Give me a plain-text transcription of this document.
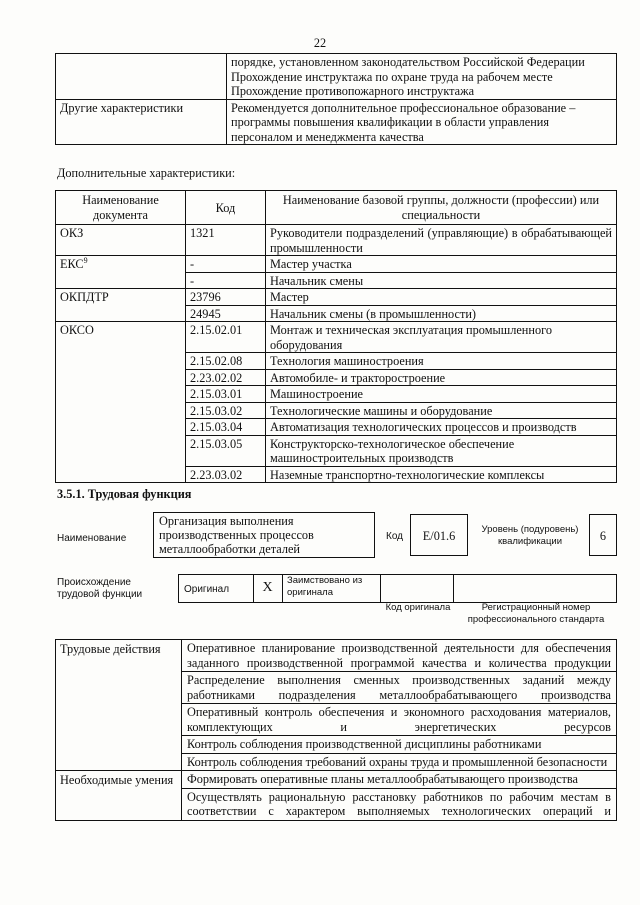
22

	порядке, установленном законодательством Российской Федерации
Прохождение инструктажа по охране труда на рабочем месте
Прохождение противопожарного инструктажа

Другие характеристики	Рекомендуется дополнительное профессиональное образование –
программы повышения квалификации в области управления
персоналом и менеджмента качества
Дополнительные характеристики:
Наименование документа	Код	Наименование базовой группы, должности (профессии) или специальности
ОКЗ	1321	Руководители подразделений (управляющие) в обрабатывающей промышленности
ЕКС$^9$	-	Мастер участка
	-	Начальник смены
ОКПДТР	23796	Мастер
	24945	Начальник смены (в промышленности)
ОКСО	2.15.02.01	Монтаж и техническая эксплуатация промышленного оборудования
	2.15.02.08	Технология машиностроения
	2.23.02.02	Автомобиле- и тракторостроение
	2.15.03.01	Машиностроение
	2.15.03.02	Технологические машины и оборудование
	2.15.03.04	Автоматизация технологических процессов и производств
	2.15.03.05	Конструкторско-технологическое обеспечение машиностроительных производств
	2.23.03.02	Наземные транспортно-технологические комплексы
3.5.1. Трудовая функция
Наименование
Организация выполнения производственных процессов металлообработки деталей
Код	E/01.6	Уровень (подуровень) квалификации	6
Происхождение трудовой функции	Оригинал	X	Заимствовано из оригинала
Код оригинала	Регистрационный номер профессионального стандарта
Трудовые действия	Оперативное планирование производственной деятельности для обеспечения заданного производственной программой качества и количества продукции
	Распределение выполнения сменных производственных заданий между работниками подразделения металлообрабатывающего производства
	Оперативный контроль обеспечения и экономного расходования материалов, комплектующих и энергетических ресурсов
	Контроль соблюдения производственной дисциплины работниками
	Контроль соблюдения требований охраны труда и промышленной безопасности
Необходимые умения	Формировать оперативные планы металлообрабатывающего производства
	Осуществлять рациональную расстановку работников по рабочим местам в соответствии с характером выполняемых технологических операций и
